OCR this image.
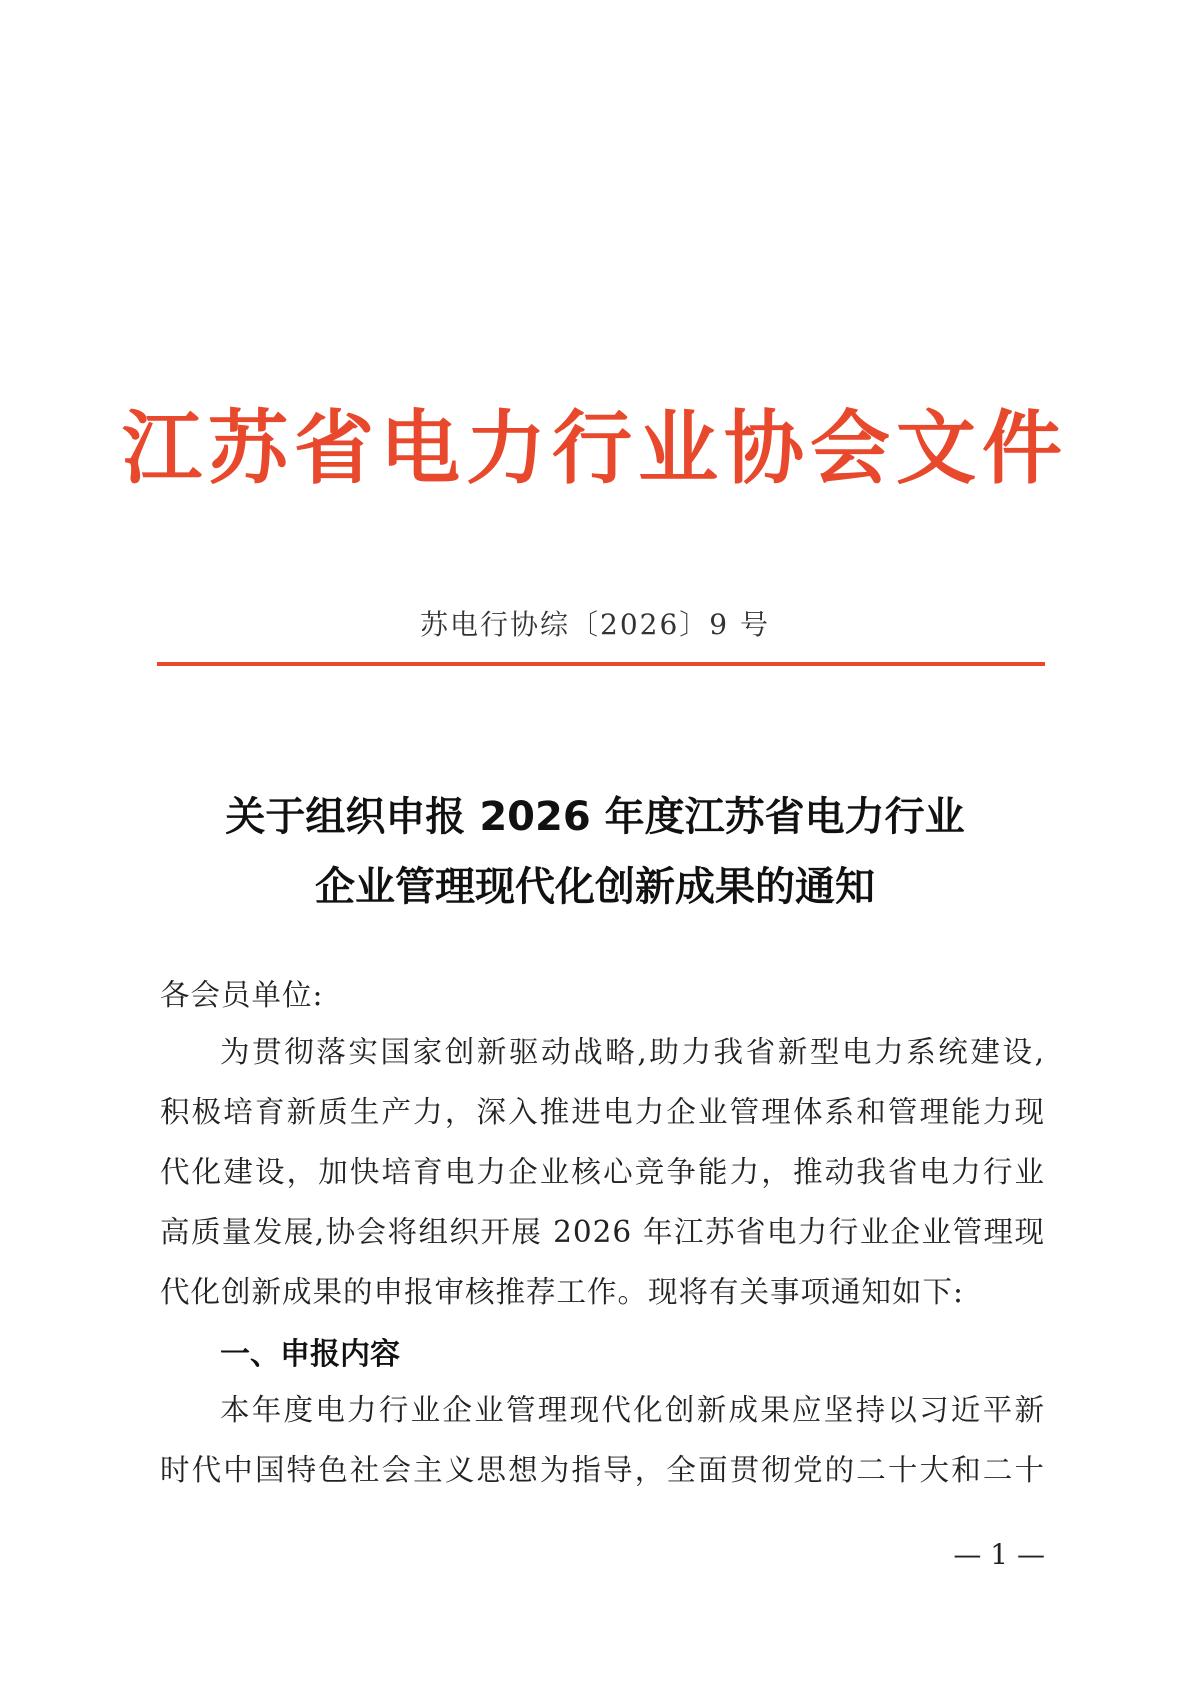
江苏省电力行业协会文件
苏电行协综〔2026〕9 号
关于组织申报 2026 年度江苏省电力行业
企业管理现代化创新成果的通知
各会员单位:
为贯彻落实国家创新驱动战略,助力我省新型电力系统建设,
积极培育新质生产力，深入推进电力企业管理体系和管理能力现
代化建设，加快培育电力企业核心竞争能力，推动我省电力行业
高质量发展,协会将组织开展 2026 年江苏省电力行业企业管理现
代化创新成果的申报审核推荐工作。现将有关事项通知如下:
一、申报内容
本年度电力行业企业管理现代化创新成果应坚持以习近平新
时代中国特色社会主义思想为指导，全面贯彻党的二十大和二十
— 1 —
